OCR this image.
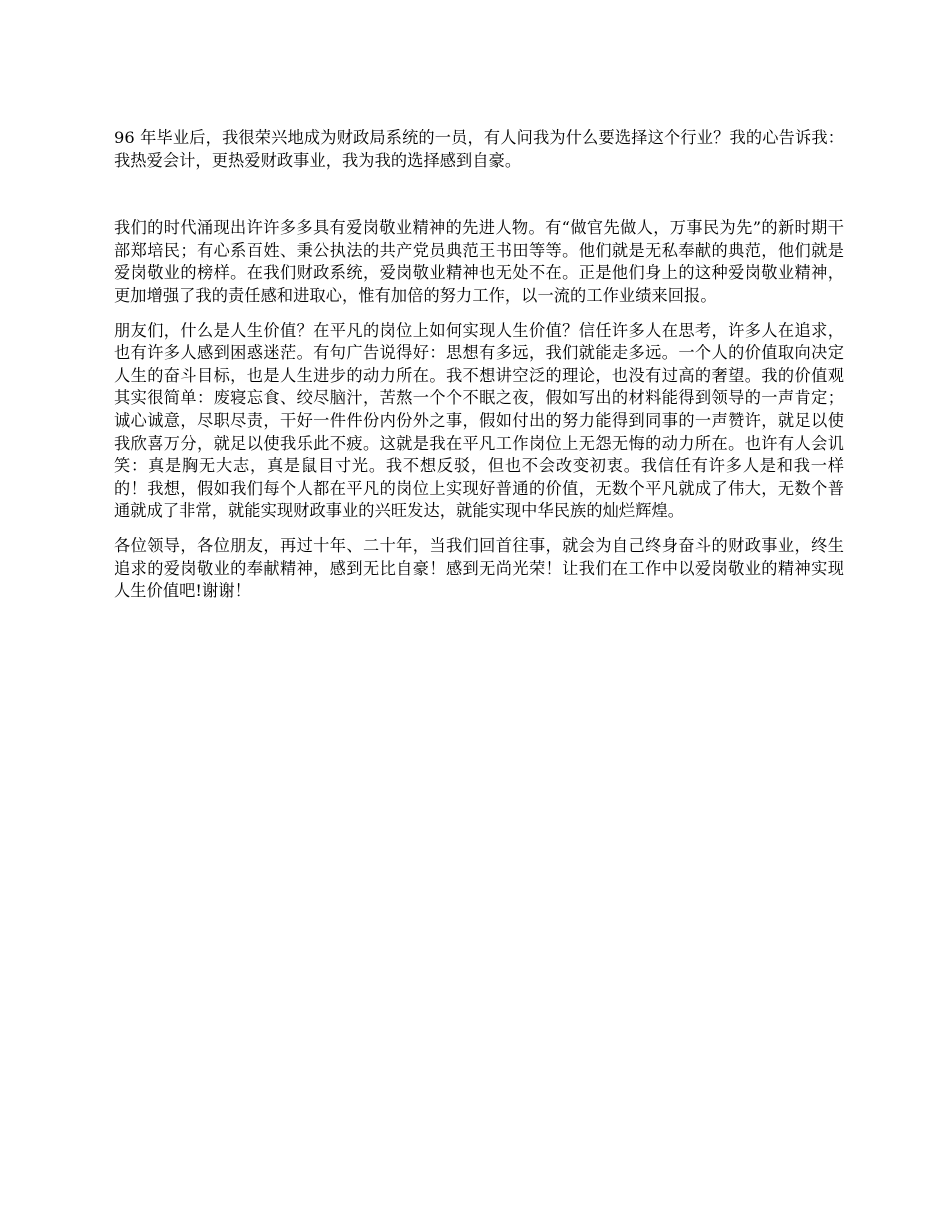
96 年毕业后，我很荣兴地成为财政局系统的一员，有人问我为什么要选择这个行业？我的心告诉我：我热爱会计，更热爱财政事业，我为我的选择感到自豪。

我们的时代涌现出许许多多具有爱岗敬业精神的先进人物。有“做官先做人，万事民为先”的新时期干部郑培民；有心系百姓、秉公执法的共产党员典范王书田等等。他们就是无私奉献的典范，他们就是爱岗敬业的榜样。在我们财政系统，爱岗敬业精神也无处不在。正是他们身上的这种爱岗敬业精神，更加增强了我的责任感和进取心，惟有加倍的努力工作，以一流的工作业绩来回报。

朋友们，什么是人生价值？在平凡的岗位上如何实现人生价值？信任许多人在思考，许多人在追求，也有许多人感到困惑迷茫。有句广告说得好：思想有多远，我们就能走多远。一个人的价值取向决定人生的奋斗目标，也是人生进步的动力所在。我不想讲空泛的理论，也没有过高的奢望。我的价值观其实很简单：废寝忘食、绞尽脑汁，苦熬一个个不眠之夜，假如写出的材料能得到领导的一声肯定；诚心诚意，尽职尽责，干好一件件份内份外之事，假如付出的努力能得到同事的一声赞许，就足以使我欣喜万分，就足以使我乐此不疲。这就是我在平凡工作岗位上无怨无悔的动力所在。也许有人会讥笑：真是胸无大志，真是鼠目寸光。我不想反驳，但也不会改变初衷。我信任有许多人是和我一样的！我想，假如我们每个人都在平凡的岗位上实现好普通的价值，无数个平凡就成了伟大，无数个普通就成了非常，就能实现财政事业的兴旺发达，就能实现中华民族的灿烂辉煌。

各位领导，各位朋友，再过十年、二十年，当我们回首往事，就会为自己终身奋斗的财政事业，终生追求的爱岗敬业的奉献精神，感到无比自豪！感到无尚光荣！让我们在工作中以爱岗敬业的精神实现人生价值吧!谢谢！
